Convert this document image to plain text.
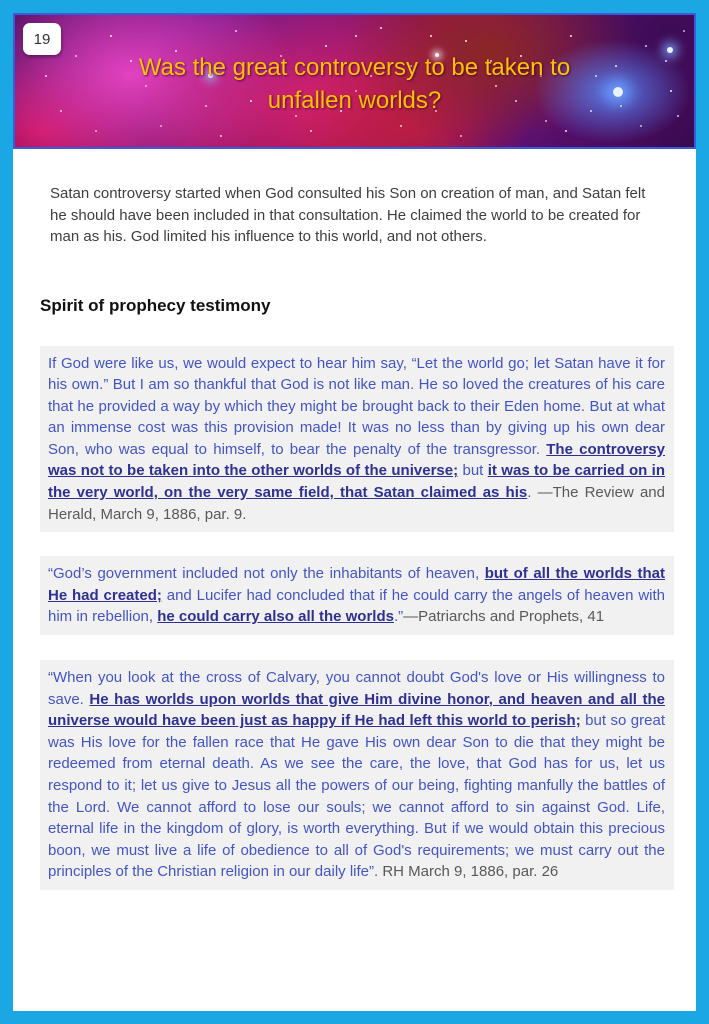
19
Was the great controversy to be taken to
unfallen worlds?

Satan controversy started when God consulted his Son on creation of man, and Satan felt he should have been included in that consultation. He claimed the world to be created for man as his. God limited his influence to this world, and not others.

Spirit of prophecy testimony
If God were like us, we would expect to hear him say, “Let the world go; let Satan have it for his own.” But I am so thankful that God is not like man. He so loved the creatures of his care that he provided a way by which they might be brought back to their Eden home. But at what an immense cost was this provision made! It was no less than by giving up his own dear Son, who was equal to himself, to bear the penalty of the transgressor. The controversy was not to be taken into the other worlds of the universe; but it was to be carried on in the very world, on the very same field, that Satan claimed as his. —The Review and Herald, March 9, 1886, par. 9.
“God’s government included not only the inhabitants of heaven, but of all the worlds that He had created; and Lucifer had concluded that if he could carry the angels of heaven with him in rebellion, he could carry also all the worlds.”—Patriarchs and Prophets, 41
“When you look at the cross of Calvary, you cannot doubt God's love or His willingness to save. He has worlds upon worlds that give Him divine honor, and heaven and all the universe would have been just as happy if He had left this world to perish; but so great was His love for the fallen race that He gave His own dear Son to die that they might be redeemed from eternal death. As we see the care, the love, that God has for us, let us respond to it; let us give to Jesus all the powers of our being, fighting manfully the battles of the Lord. We cannot afford to lose our souls; we cannot afford to sin against God. Life, eternal life in the kingdom of glory, is worth everything. But if we would obtain this precious boon, we must live a life of obedience to all of God's requirements; we must carry out the principles of the Christian religion in our daily life”. RH March 9, 1886, par. 26
